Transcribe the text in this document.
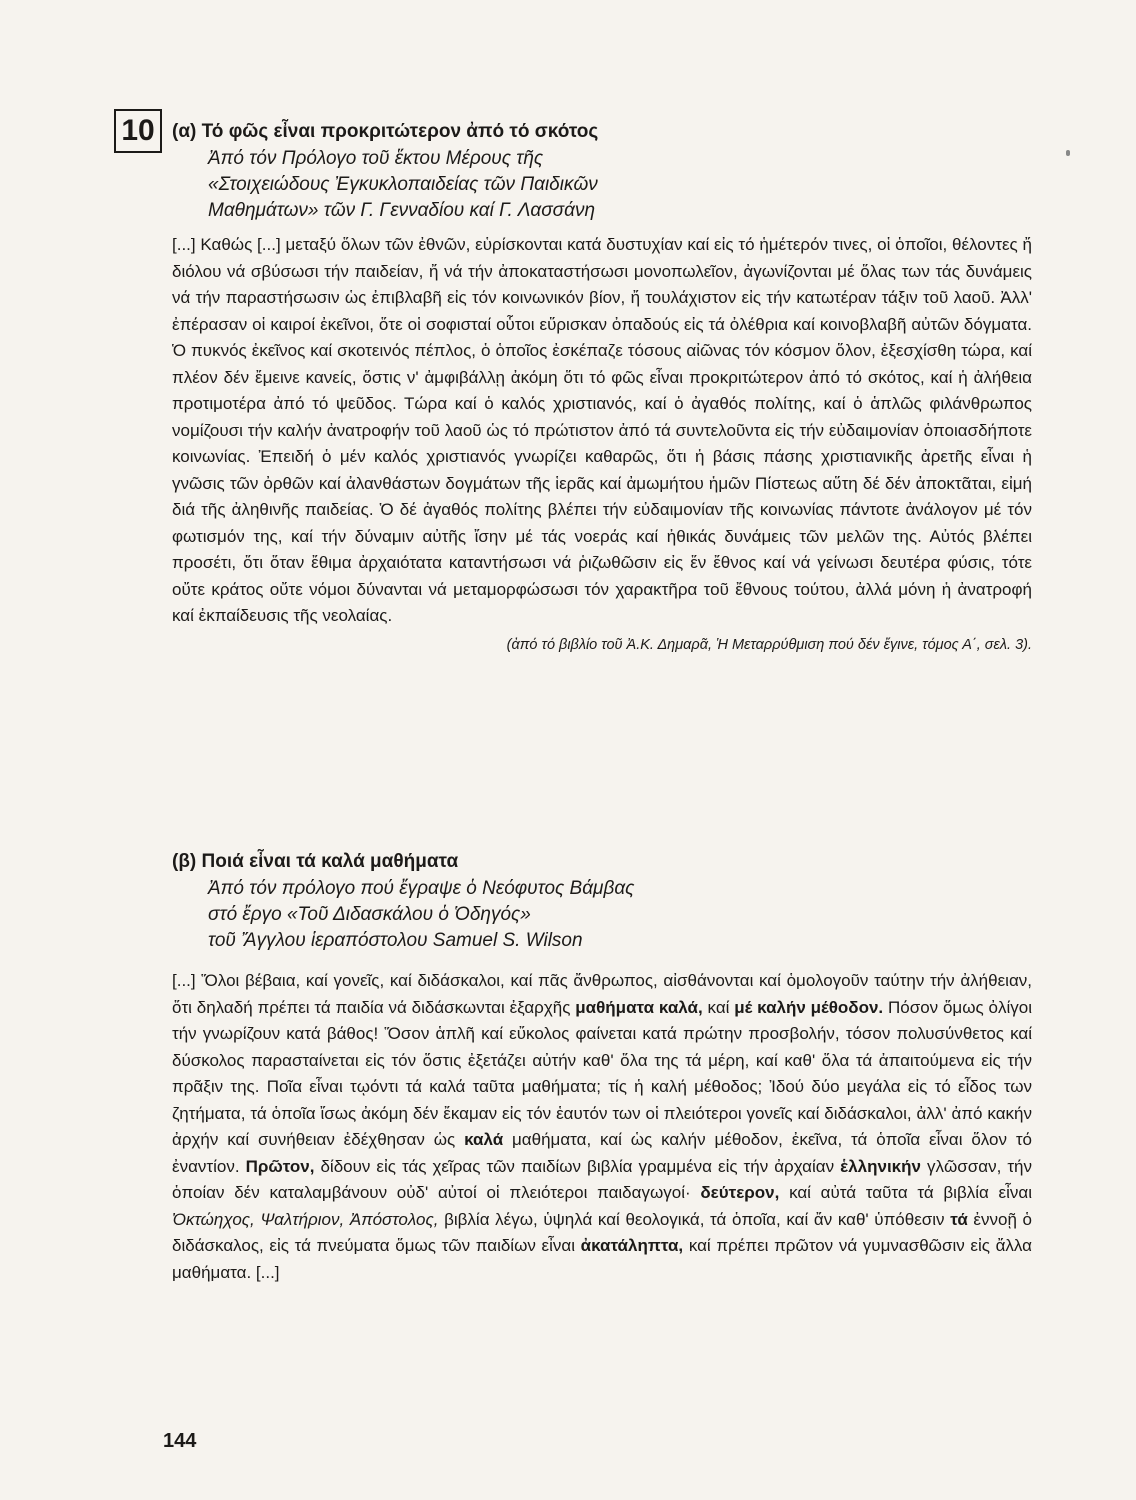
10 (α) Τό φῶς εἶναι προκριτώτερον ἀπό τό σκότος
Ἀπό τόν Πρόλογο τοῦ ἕκτου Μέρους τῆς
«Στοιχειώδους Ἐγκυκλοπαιδείας τῶν Παιδικῶν
Μαθημάτων» τῶν Γ. Γενναδίου καί Γ. Λασσάνη

[...] Καθώς [...] μεταξύ ὅλων τῶν ἐθνῶν, εὑρίσκονται κατά δυστυχίαν καί εἰς τό ἡμέτερόν τινες, οἱ ὁποῖοι, θέλοντες ἤ διόλου νά σβύσωσι τήν παιδείαν, ἤ νά τήν ἀποκαταστήσωσι μονοπωλεῖον, ἀγωνίζονται μέ ὅλας των τάς δυνάμεις νά τήν παραστήσωσιν ὡς ἐπιβλαβῆ εἰς τόν κοινωνικόν βίον, ἤ τουλάχιστον εἰς τήν κατωτέραν τάξιν τοῦ λαοῦ. Ἀλλ' ἐπέρασαν οἱ καιροί ἐκεῖνοι, ὅτε οἱ σοφισταί οὗτοι εὕρισκαν ὀπαδούς εἰς τά ὀλέθρια καί κοινοβλαβῆ αὐτῶν δόγματα. Ὁ πυκνός ἐκεῖνος καί σκοτεινός πέπλος, ὁ ὁποῖος ἐσκέπαζε τόσους αἰῶνας τόν κόσμον ὅλον, ἐξεσχίσθη τώρα, καί πλέον δέν ἔμεινε κανείς, ὅστις ν' ἀμφιβάλλῃ ἀκόμη ὅτι τό φῶς εἶναι προκριτώτερον ἀπό τό σκότος, καί ἡ ἀλήθεια προτιμοτέρα ἀπό τό ψεῦδος. Τώρα καί ὁ καλός χριστιανός, καί ὁ ἀγαθός πολίτης, καί ὁ ἁπλῶς φιλάνθρωπος νομίζουσι τήν καλήν ἀνατροφήν τοῦ λαοῦ ὡς τό πρώτιστον ἀπό τά συντελοῦντα εἰς τήν εὐδαιμονίαν ὁποιασδήποτε κοινωνίας. Ἐπειδή ὁ μέν καλός χριστιανός γνωρίζει καθαρῶς, ὅτι ἡ βάσις πάσης χριστιανικῆς ἀρετῆς εἶναι ἡ γνῶσις τῶν ὀρθῶν καί ἀλανθάστων δογμάτων τῆς ἱερᾶς καί ἀμωμήτου ἡμῶν Πίστεως αὕτη δέ δέν ἀποκτᾶται, εἰμή διά τῆς ἀληθινῆς παιδείας. Ὁ δέ ἀγαθός πολίτης βλέπει τήν εὐδαιμονίαν τῆς κοινωνίας πάντοτε ἀνάλογον μέ τόν φωτισμόν της, καί τήν δύναμιν αὐτῆς ἴσην μέ τάς νοεράς καί ἠθικάς δυνάμεις τῶν μελῶν της. Αὐτός βλέπει προσέτι, ὅτι ὅταν ἔθιμα ἀρχαιότατα καταντήσωσι νά ῥιζωθῶσιν εἰς ἕν ἔθνος καί νά γείνωσι δευτέρα φύσις, τότε οὔτε κράτος οὔτε νόμοι δύνανται νά μεταμορφώσωσι τόν χαρακτῆρα τοῦ ἔθνους τούτου, ἀλλά μόνη ἡ ἀνατροφή καί ἐκπαίδευσις τῆς νεολαίας.

(ἀπό τό βιβλίο τοῦ Ἀ.Κ. Δημαρᾶ, Ἡ Μεταρρύθμιση πού δέν ἔγινε, τόμος Α΄, σελ. 3).
(β) Ποιά εἶναι τά καλά μαθήματα
Ἀπό τόν πρόλογο πού ἔγραψε ὁ Νεόφυτος Βάμβας
στό ἔργο «Τοῦ Διδασκάλου ὁ Ὁδηγός»
τοῦ Ἄγγλου ἱεραπόστολου Samuel S. Wilson

[...] Ὅλοι βέβαια, καί γονεῖς, καί διδάσκαλοι, καί πᾶς ἄνθρωπος, αἰσθάνονται καί ὁμολογοῦν ταύτην τήν ἀλήθειαν, ὅτι δηλαδή πρέπει τά παιδία νά διδάσκωνται ἐξαρχῆς μαθήματα καλά, καί μέ καλήν μέθοδον. Πόσον ὅμως ὀλίγοι τήν γνωρίζουν κατά βάθος! Ὅσον ἁπλῆ καί εὔκολος φαίνεται κατά πρώτην προσβολήν, τόσον πολυσύνθετος καί δύσκολος παρασταίνεται εἰς τόν ὅστις ἐξετάζει αὐτήν καθ' ὅλα της τά μέρη, καί καθ' ὅλα τά ἀπαιτούμενα εἰς τήν πρᾶξιν της. Ποῖα εἶναι τῳόντι τά καλά ταῦτα μαθήματα; τίς ἡ καλή μέθοδος; Ἰδού δύο μεγάλα εἰς τό εἶδος των ζητήματα, τά ὁποῖα ἴσως ἀκόμη δέν ἔκαμαν εἰς τόν ἑαυτόν των οἱ πλειότεροι γονεῖς καί διδάσκαλοι, ἀλλ' ἀπό κακήν ἀρχήν καί συνήθειαν ἐδέχθησαν ὡς καλά μαθήματα, καί ὡς καλήν μέθοδον, ἐκεῖνα, τά ὁποῖα εἶναι ὅλον τό ἐναντίον. Πρῶτον, δίδουν εἰς τάς χεῖρας τῶν παιδίων βιβλία γραμμένα εἰς τήν ἀρχαίαν ἑλληνικήν γλῶσσαν, τήν ὁποίαν δέν καταλαμβάνουν οὐδ' αὐτοί οἱ πλειότεροι παιδαγωγοί· δεύτερον, καί αὐτά ταῦτα τά βιβλία εἶναι Ὀκτώηχος, Ψαλτήριον, Ἀπόστολος, βιβλία λέγω, ὑψηλά καί θεολογικά, τά ὁποῖα, καί ἄν καθ' ὑπόθεσιν τά ἐννοῇ ὁ διδάσκαλος, εἰς τά πνεύματα ὅμως τῶν παιδίων εἶναι ἀκατάληπτα, καί πρέπει πρῶτον νά γυμνασθῶσιν εἰς ἄλλα μαθήματα. [...]

144
